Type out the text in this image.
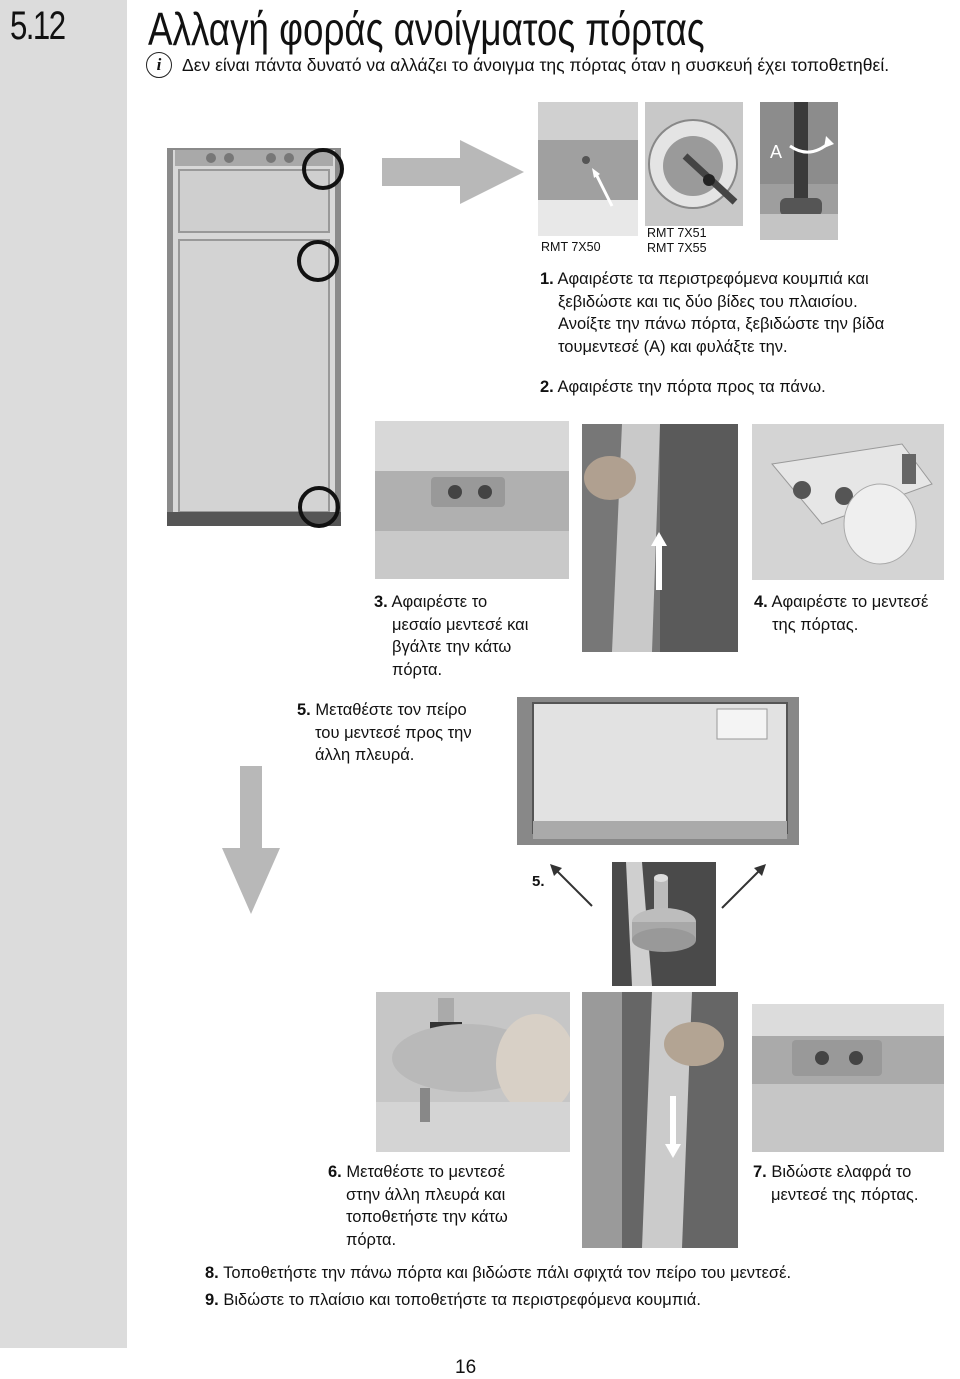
5.12 Αλλαγή φοράς ανοίγματος πόρτας
i	Δεν είναι πάντα δυνατό να αλλάζει το άνοιγμα της πόρτας όταν η συσκευή έχει τοποθετηθεί.
A
RMT 7X50
RMT 7X51
RMT 7X55
1. Αφαιρέστε τα περιστρεφόμενα κουμπιά και
ξεβιδώστε και τις δύο βίδες του πλαισίου.
Ανοίξτε την πάνω πόρτα, ξεβιδώστε την βίδα
τουμεντεσέ (A) και φυλάξτε την.
2. Αφαιρέστε την πόρτα προς τα πάνω.
3. Αφαιρέστε το
μεσαίο μεντεσέ και
βγάλτε την κάτω
πόρτα.
4. Αφαιρέστε το μεντεσέ
της πόρτας.
5. Μεταθέστε τον πείρο
του μεντεσέ προς την
άλλη πλευρά.
5.
6. Μεταθέστε το μεντεσέ
στην άλλη πλευρά και
τοποθετήστε την κάτω
πόρτα.
7. Βιδώστε ελαφρά το
μεντεσέ της πόρτας.
8. Τοποθετήστε την πάνω πόρτα και βιδώστε πάλι σφιχτά τον πείρο του μεντεσέ.
9. Βιδώστε το πλαίσιο και τοποθετήστε τα περιστρεφόμενα κουμπιά.
16
